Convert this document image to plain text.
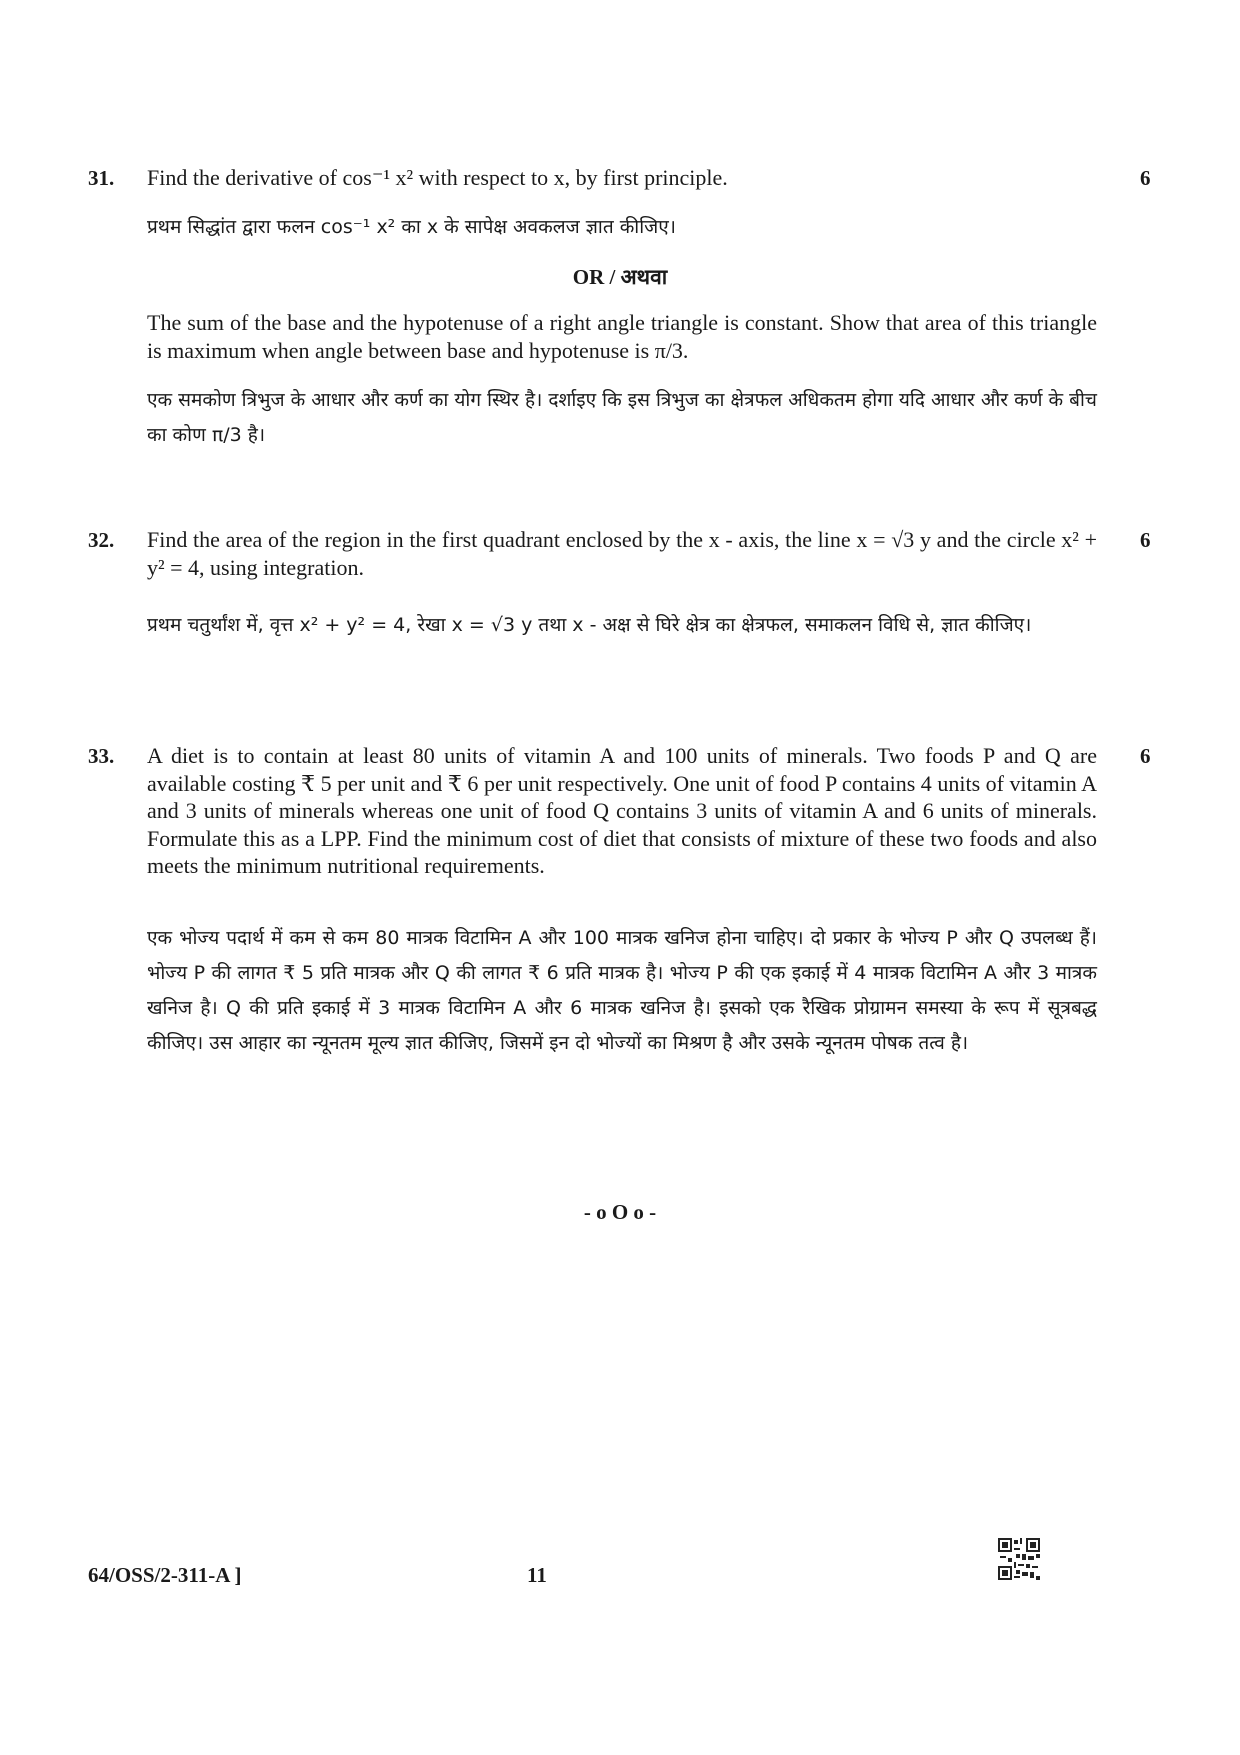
31.	6
Find the derivative of cos⁻¹ x² with respect to x, by first principle.
प्रथम सिद्धांत द्वारा फलन cos⁻¹ x² का x के सापेक्ष अवकलज ज्ञात कीजिए।
OR / अथवा
The sum of the base and the hypotenuse of a right angle triangle is constant. Show that area of this triangle is maximum when angle between base and hypotenuse is π/3.
एक समकोण त्रिभुज के आधार और कर्ण का योग स्थिर है। दर्शाइए कि इस त्रिभुज का क्षेत्रफल अधिकतम होगा यदि आधार और कर्ण के बीच का कोण π/3 है।
32.	6
Find the area of the region in the first quadrant enclosed by the x - axis, the line x = √3 y and the circle x² + y² = 4, using integration.
प्रथम चतुर्थांश में, वृत्त x² + y² = 4, रेखा x = √3 y तथा x - अक्ष से घिरे क्षेत्र का क्षेत्रफल, समाकलन विधि से, ज्ञात कीजिए।
33.	6
A diet is to contain at least 80 units of vitamin A and 100 units of minerals. Two foods P and Q are available costing ₹ 5 per unit and ₹ 6 per unit respectively. One unit of food P contains 4 units of vitamin A and 3 units of minerals whereas one unit of food Q contains 3 units of vitamin A and 6 units of minerals. Formulate this as a LPP. Find the minimum cost of diet that consists of mixture of these two foods and also meets the minimum nutritional requirements.
एक भोज्य पदार्थ में कम से कम 80 मात्रक विटामिन A और 100 मात्रक खनिज होना चाहिए। दो प्रकार के भोज्य P और Q उपलब्ध हैं। भोज्य P की लागत ₹ 5 प्रति मात्रक और Q की लागत ₹ 6 प्रति मात्रक है। भोज्य P की एक इकाई में 4 मात्रक विटामिन A और 3 मात्रक खनिज है। Q की प्रति इकाई में 3 मात्रक विटामिन A और 6 मात्रक खनिज है। इसको एक रैखिक प्रोग्रामन समस्या के रूप में सूत्रबद्ध कीजिए। उस आहार का न्यूनतम मूल्य ज्ञात कीजिए, जिसमें इन दो भोज्यों का मिश्रण है और उसके न्यूनतम पोषक तत्व है।
- o O o -
64/OSS/2-311-A ]	11
